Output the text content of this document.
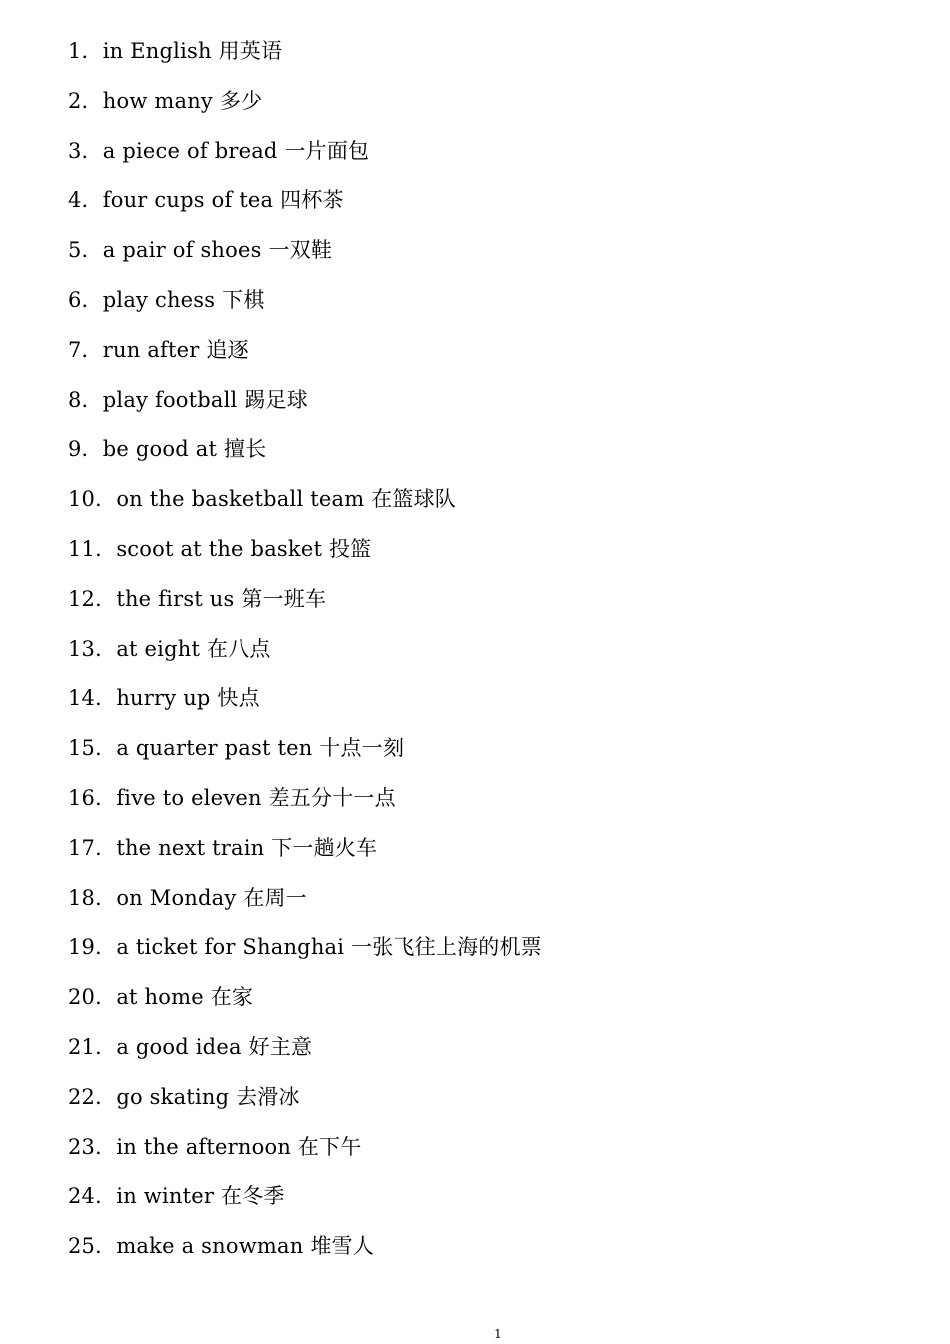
1．in English 用英语
2．how many 多少
3．a piece of bread 一片面包
4．four cups of tea 四杯茶
5．a pair of shoes 一双鞋
6．play chess 下棋
7．run after 追逐
8．play football 踢足球
9．be good at 擅长
10．on the basketball team 在篮球队
11．scoot at the basket 投篮
12．the first us 第一班车
13．at eight 在八点
14．hurry up 快点
15．a quarter past ten 十点一刻
16．five to eleven 差五分十一点
17．the next train 下一趟火车
18．on Monday 在周一
19．a ticket for Shanghai 一张飞往上海的机票
20．at home 在家
21．a good idea 好主意
22．go skating 去滑冰
23．in the afternoon 在下午
24．in winter 在冬季
25．make a snowman 堆雪人
1
